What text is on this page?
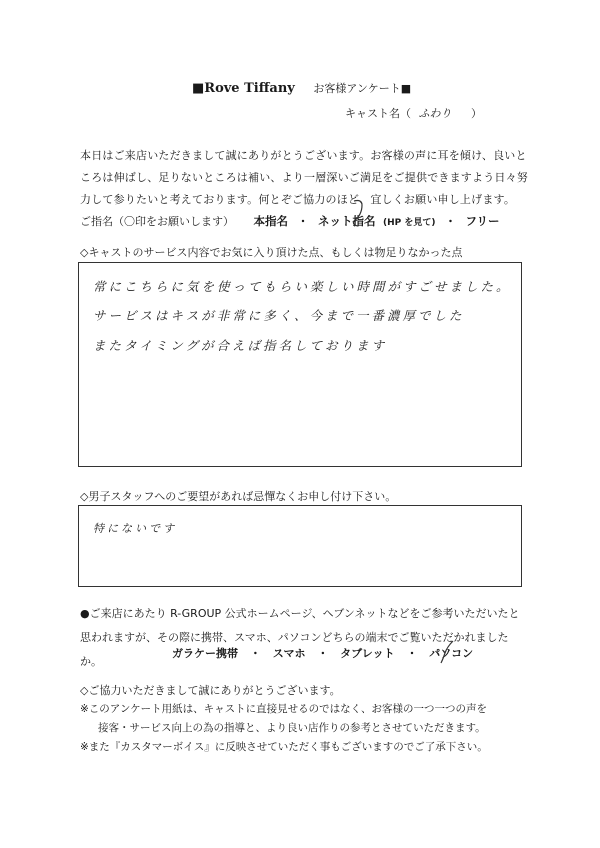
■Rove Tiffany お客様アンケート■
キャスト名（ ふわり ）
本日はご来店いただきまして誠にありがとうございます。お客様の声に耳を傾け、良いところは伸ばし、足りないところは補い、より一層深いご満足をご提供できますよう日々努力して参りたいと考えております。何とぞご協力のほど、宜しくお願い申し上げます。
ご指名（〇印をお願いします） 本指名 ・ ネット指名 (HP を見て) ・ フリー
◇キャストのサービス内容でお気に入り頂けた点、もしくは物足りなかった点
常にこちらに気を使ってもらい楽しい時間がすごせました。
サービスはキスが非常に多く、今まで一番濃厚でした
またタイミングが合えば指名しております
◇男子スタッフへのご要望があれば忌憚なくお申し付け下さい。
特にないです
●ご来店にあたり R-GROUP 公式ホームページ、ヘブンネットなどをご参考いただいたと思われますが、その際に携帯、スマホ、パソコンどちらの端末でご覧いただかれましたか。
ガラケー携帯 ・ スマホ ・ タブレット ・ パソコン
◇ご協力いただきまして誠にありがとうございます。
※このアンケート用紙は、キャストに直接見せるのではなく、お客様の一つ一つの声を
接客・サービス向上の為の指導と、より良い店作りの参考とさせていただきます。
※また『カスタマーボイス』に反映させていただく事もございますのでご了承下さい。
